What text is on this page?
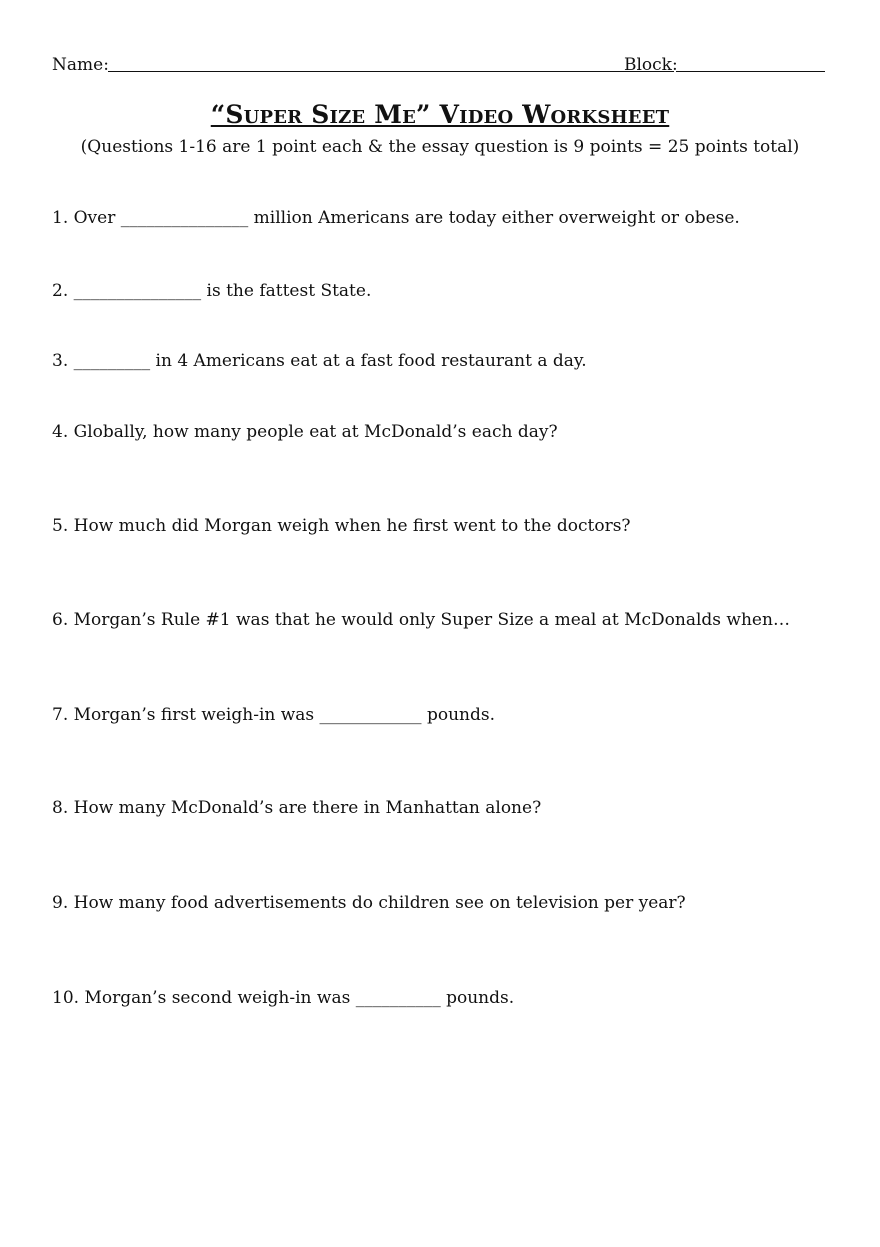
Name:	Block:
“Super Size Me” Video Worksheet
(Questions 1-16 are 1 point each & the essay question is 9 points = 25 points total)
1. Over _______________ million Americans are today either overweight or obese.
2. _______________ is the fattest State.
3. _________ in 4 Americans eat at a fast food restaurant a day.
4. Globally, how many people eat at McDonald’s each day?
5. How much did Morgan weigh when he first went to the doctors?
6. Morgan’s Rule #1 was that he would only Super Size a meal at McDonalds when…
7. Morgan’s first weigh-in was ____________ pounds.
8. How many McDonald’s are there in Manhattan alone?
9. How many food advertisements do children see on television per year?
10. Morgan’s second weigh-in was __________ pounds.
